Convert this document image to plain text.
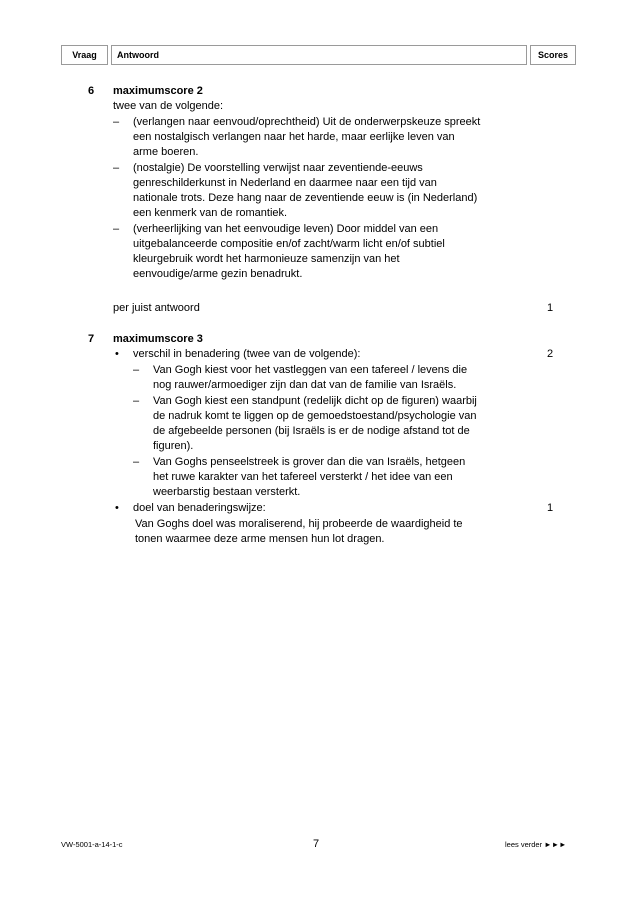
Vraag	Antwoord	Scores
6 maximumscore 2
twee van de volgende:
– (verlangen naar eenvoud/oprechtheid) Uit de onderwerpskeuze spreekt
een nostalgisch verlangen naar het harde, maar eerlijke leven van
arme boeren.
– (nostalgie) De voorstelling verwijst naar zeventiende-eeuws
genreschilderkunst in Nederland en daarmee naar een tijd van
nationale trots. Deze hang naar de zeventiende eeuw is (in Nederland)
een kenmerk van de romantiek.
– (verheerlijking van het eenvoudige leven) Door middel van een
uitgebalanceerde compositie en/of zacht/warm licht en/of subtiel
kleurgebruik wordt het harmonieuze samenzijn van het
eenvoudige/arme gezin benadrukt.
per juist antwoord	1
7 maximumscore 3
• verschil in benadering (twee van de volgende):	2
– Van Gogh kiest voor het vastleggen van een tafereel / levens die
nog rauwer/armoediger zijn dan dat van de familie van Israëls.
– Van Gogh kiest een standpunt (redelijk dicht op de figuren) waarbij
de nadruk komt te liggen op de gemoedstoestand/psychologie van
de afgebeelde personen (bij Israëls is er de nodige afstand tot de
figuren).
– Van Goghs penseelstreek is grover dan die van Israëls, hetgeen
het ruwe karakter van het tafereel versterkt / het idee van een
weerbarstig bestaan versterkt.
• doel van benaderingswijze:	1
Van Goghs doel was moraliserend, hij probeerde de waardigheid te
tonen waarmee deze arme mensen hun lot dragen.
VW-5001-a-14-1-c	7	lees verder ►►►
